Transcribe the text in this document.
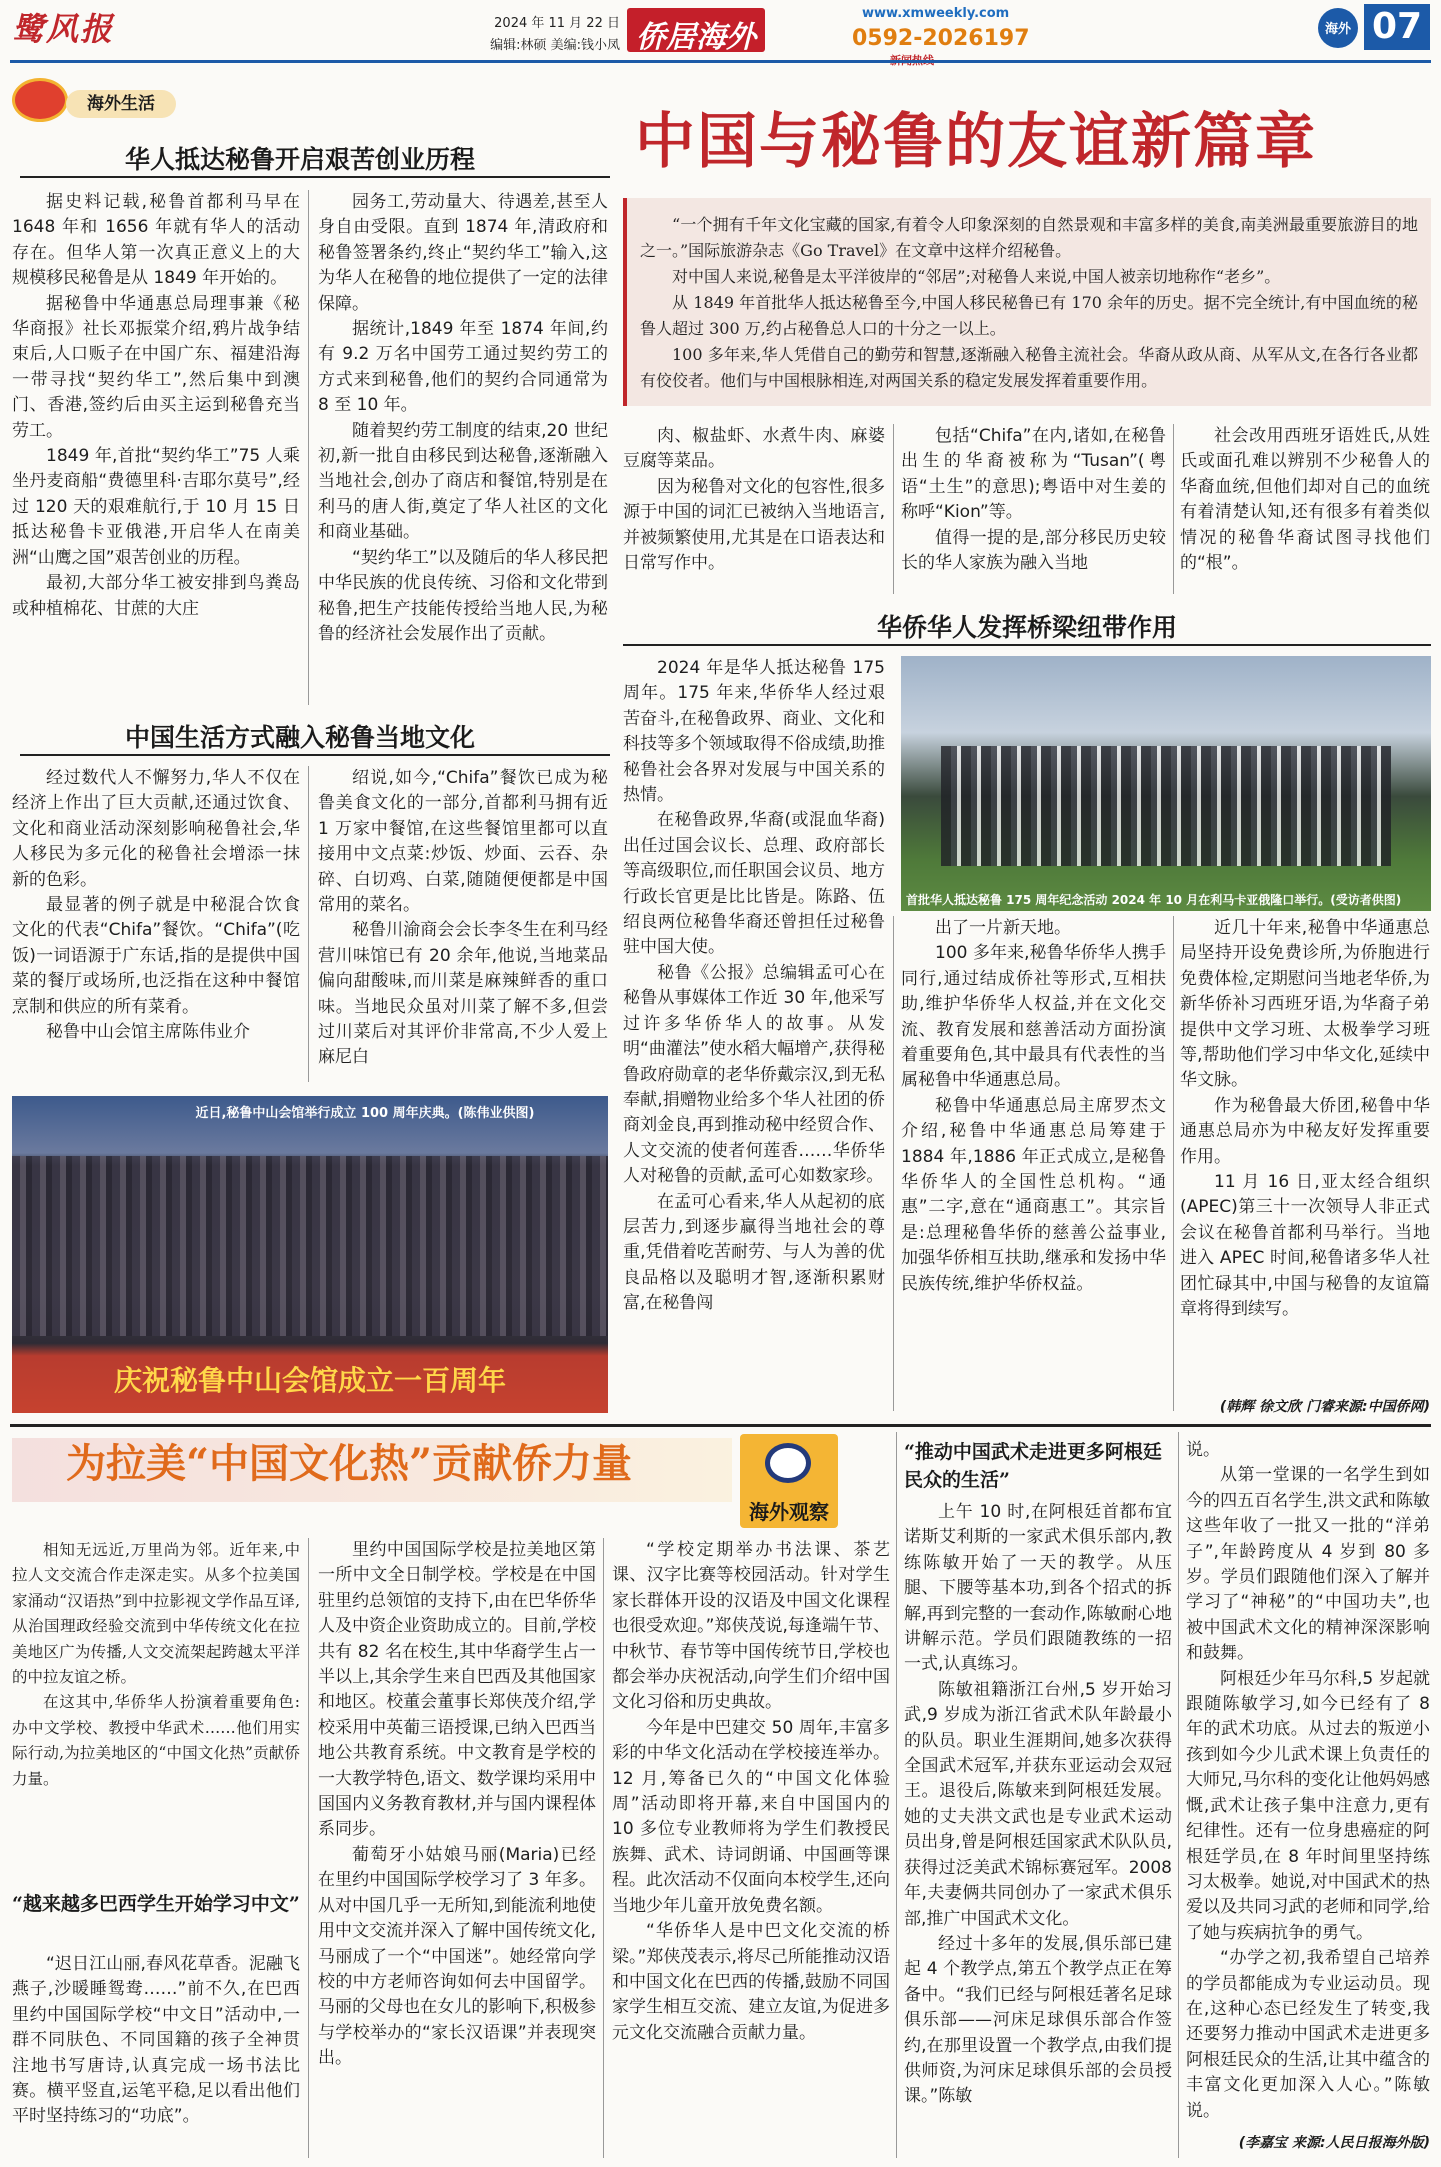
鹭风报	2024 年 11 月 22 日
编辑:林硕 美编:钱小凤 侨居海外
www.xmweekly.com
0592-2026197	海外 07
海外生活
中国与秘鲁的友谊新篇章

“一个拥有千年文化宝藏的国家,有着令人印象深刻的自然景观和丰富多样的美食,南美洲最重要旅游目的地之一。”国际旅游杂志《Go Travel》在文章中这样介绍秘鲁。

对中国人来说,秘鲁是太平洋彼岸的“邻居”;对秘鲁人来说,中国人被亲切地称作“老乡”。

从 1849 年首批华人抵达秘鲁至今,中国人移民秘鲁已有 170 余年的历史。据不完全统计,有中国血统的秘鲁人超过 300 万,约占秘鲁总人口的十分之一以上。

100 多年来,华人凭借自己的勤劳和智慧,逐渐融入秘鲁主流社会。华裔从政从商、从军从文,在各行各业都有佼佼者。他们与中国根脉相连,对两国关系的稳定发展发挥着重要作用。

华人抵达秘鲁开启艰苦创业历程

据史料记载,秘鲁首都利马早在 1648 年和 1656 年就有华人的活动存在。但华人第一次真正意义上的大规模移民秘鲁是从 1849 年开始的。

据秘鲁中华通惠总局理事兼《秘华商报》社长邓振棠介绍,鸦片战争结束后,人口贩子在中国广东、福建沿海一带寻找“契约华工”,然后集中到澳门、香港,签约后由买主运到秘鲁充当劳工。

1849 年,首批“契约华工”75 人乘坐丹麦商船“费德里科·吉耶尔莫号”,经过 120 天的艰难航行,于 10 月 15 日抵达秘鲁卡亚俄港,开启华人在南美洲“山鹰之国”艰苦创业的历程。

最初,大部分华工被安排到鸟粪岛或种植棉花、甘蔗的大庄

园务工,劳动量大、待遇差,甚至人身自由受限。直到 1874 年,清政府和秘鲁签署条约,终止“契约华工”输入,这为华人在秘鲁的地位提供了一定的法律保障。

据统计,1849 年至 1874 年间,约有 9.2 万名中国劳工通过契约劳工的方式来到秘鲁,他们的契约合同通常为 8 至 10 年。

随着契约劳工制度的结束,20 世纪初,新一批自由移民到达秘鲁,逐渐融入当地社会,创办了商店和餐馆,特别是在利马的唐人街,奠定了华人社区的文化和商业基础。

“契约华工”以及随后的华人移民把中华民族的优良传统、习俗和文化带到秘鲁,把生产技能传授给当地人民,为秘鲁的经济社会发展作出了贡献。

中国生活方式融入秘鲁当地文化

经过数代人不懈努力,华人不仅在经济上作出了巨大贡献,还通过饮食、文化和商业活动深刻影响秘鲁社会,华人移民为多元化的秘鲁社会增添一抹新的色彩。

最显著的例子就是中秘混合饮食文化的代表“Chifa”餐饮。“Chifa”(吃饭)一词语源于广东话,指的是提供中国菜的餐厅或场所,也泛指在这种中餐馆烹制和供应的所有菜肴。

秘鲁中山会馆主席陈伟业介

绍说,如今,“Chifa”餐饮已成为秘鲁美食文化的一部分,首都利马拥有近 1 万家中餐馆,在这些餐馆里都可以直接用中文点菜:炒饭、炒面、云吞、杂碎、白切鸡、白菜,随随便便都是中国常用的菜名。

秘鲁川渝商会会长李冬生在利马经营川味馆已有 20 余年,他说,当地菜品偏向甜酸味,而川菜是麻辣鲜香的重口味。当地民众虽对川菜了解不多,但尝过川菜后对其评价非常高,不少人爱上麻尼白

肉、椒盐虾、水煮牛肉、麻婆豆腐等菜品。

因为秘鲁对文化的包容性,很多源于中国的词汇已被纳入当地语言,并被频繁使用,尤其是在口语表达和日常写作中。

包括“Chifa”在内,诸如,在秘鲁出生的华裔被称为“Tusan”(粤语“土生”的意思);粤语中对生姜的称呼“Kion”等。

值得一提的是,部分移民历史较长的华人家族为融入当地

社会改用西班牙语姓氏,从姓氏或面孔难以辨别不少秘鲁人的华裔血统,但他们却对自己的血统有着清楚认知,还有很多有着类似情况的秘鲁华裔试图寻找他们的“根”。

庆祝秘鲁中山会馆成立一百周年
近日,秘鲁中山会馆举行成立 100 周年庆典。(陈伟业供图)
华侨华人发挥桥梁纽带作用

2024 年是华人抵达秘鲁 175 周年。175 年来,华侨华人经过艰苦奋斗,在秘鲁政界、商业、文化和科技等多个领域取得不俗成绩,助推秘鲁社会各界对发展与中国关系的热情。

在秘鲁政界,华裔(或混血华裔)出任过国会议长、总理、政府部长等高级职位,而任职国会议员、地方行政长官更是比比皆是。陈路、伍绍良两位秘鲁华裔还曾担任过秘鲁驻中国大使。

秘鲁《公报》总编辑孟可心在秘鲁从事媒体工作近 30 年,他采写过许多华侨华人的故事。从发明“曲灌法”使水稻大幅增产,获得秘鲁政府勋章的老华侨戴宗汉,到无私奉献,捐赠物业给多个华人社团的侨商刘金良,再到推动秘中经贸合作、人文交流的使者何莲香……华侨华人对秘鲁的贡献,孟可心如数家珍。

在孟可心看来,华人从起初的底层苦力,到逐步赢得当地社会的尊重,凭借着吃苦耐劳、与人为善的优良品格以及聪明才智,逐渐积累财富,在秘鲁闯

首批华人抵达秘鲁 175 周年纪念活动 2024 年 10 月在利马卡亚俄隆口举行。(受访者供图)

出了一片新天地。

100 多年来,秘鲁华侨华人携手同行,通过结成侨社等形式,互相扶助,维护华侨华人权益,并在文化交流、教育发展和慈善活动方面扮演着重要角色,其中最具有代表性的当属秘鲁中华通惠总局。

秘鲁中华通惠总局主席罗杰文介绍,秘鲁中华通惠总局筹建于 1884 年,1886 年正式成立,是秘鲁华侨华人的全国性总机构。“通惠”二字,意在“通商惠工”。其宗旨是:总理秘鲁华侨的慈善公益事业,加强华侨相互扶助,继承和发扬中华民族传统,维护华侨权益。

近几十年来,秘鲁中华通惠总局坚持开设免费诊所,为侨胞进行免费体检,定期慰问当地老华侨,为新华侨补习西班牙语,为华裔子弟提供中文学习班、太极拳学习班等,帮助他们学习中华文化,延续中华文脉。

作为秘鲁最大侨团,秘鲁中华通惠总局亦为中秘友好发挥重要作用。

11 月 16 日,亚太经合组织(APEC)第三十一次领导人非正式会议在秘鲁首都利马举行。当地进入 APEC 时间,秘鲁诸多华人社团忙碌其中,中国与秘鲁的友谊篇章将得到续写。

(韩辉 徐文欣 门睿来源:中国侨网)
为拉美“中国文化热”贡献侨力量
海外观察

相知无远近,万里尚为邻。近年来,中拉人文交流合作走深走实。从多个拉美国家涌动“汉语热”到中拉影视文学作品互译,从治国理政经验交流到中华传统文化在拉美地区广为传播,人文交流架起跨越太平洋的中拉友谊之桥。

在这其中,华侨华人扮演着重要角色:办中文学校、教授中华武术……他们用实际行动,为拉美地区的“中国文化热”贡献侨力量。

“越来越多巴西学生开始学习中文”

“迟日江山丽,春风花草香。泥融飞燕子,沙暖睡鸳鸯……”前不久,在巴西里约中国国际学校“中文日”活动中,一群不同肤色、不同国籍的孩子全神贯注地书写唐诗,认真完成一场书法比赛。横平竖直,运笔平稳,足以看出他们平时坚持练习的“功底”。

里约中国国际学校是拉美地区第一所中文全日制学校。学校是在中国驻里约总领馆的支持下,由在巴华侨华人及中资企业资助成立的。目前,学校共有 82 名在校生,其中华裔学生占一半以上,其余学生来自巴西及其他国家和地区。校董会董事长郑侠茂介绍,学校采用中英葡三语授课,已纳入巴西当地公共教育系统。中文教育是学校的一大教学特色,语文、数学课均采用中国国内义务教育教材,并与国内课程体系同步。

葡萄牙小姑娘马丽(Maria)已经在里约中国国际学校学习了 3 年多。从对中国几乎一无所知,到能流利地使用中文交流并深入了解中国传统文化,马丽成了一个“中国迷”。她经常向学校的中方老师咨询如何去中国留学。马丽的父母也在女儿的影响下,积极参与学校举办的“家长汉语课”并表现突出。

“学校定期举办书法课、茶艺课、汉字比赛等校园活动。针对学生家长群体开设的汉语及中国文化课程也很受欢迎。”郑侠茂说,每逢端午节、中秋节、春节等中国传统节日,学校也都会举办庆祝活动,向学生们介绍中国文化习俗和历史典故。

今年是中巴建交 50 周年,丰富多彩的中华文化活动在学校接连举办。12 月,筹备已久的“中国文化体验周”活动即将开幕,来自中国国内的 10 多位专业教师将为学生们教授民族舞、武术、诗词朗诵、中国画等课程。此次活动不仅面向本校学生,还向当地少年儿童开放免费名额。

“华侨华人是中巴文化交流的桥梁。”郑侠茂表示,将尽己所能推动汉语和中国文化在巴西的传播,鼓励不同国家学生相互交流、建立友谊,为促进多元文化交流融合贡献力量。

“推动中国武术走进更多阿根廷民众的生活”

上午 10 时,在阿根廷首都布宜诺斯艾利斯的一家武术俱乐部内,教练陈敏开始了一天的教学。从压腿、下腰等基本功,到各个招式的拆解,再到完整的一套动作,陈敏耐心地讲解示范。学员们跟随教练的一招一式,认真练习。

陈敏祖籍浙江台州,5 岁开始习武,9 岁成为浙江省武术队年龄最小的队员。职业生涯期间,她多次获得全国武术冠军,并获东亚运动会双冠王。退役后,陈敏来到阿根廷发展。她的丈夫洪文武也是专业武术运动员出身,曾是阿根廷国家武术队队员,获得过泛美武术锦标赛冠军。2008 年,夫妻俩共同创办了一家武术俱乐部,推广中国武术文化。

经过十多年的发展,俱乐部已建起 4 个教学点,第五个教学点正在筹备中。“我们已经与阿根廷著名足球俱乐部——河床足球俱乐部合作签约,在那里设置一个教学点,由我们提供师资,为河床足球俱乐部的会员授课。”陈敏

说。

从第一堂课的一名学生到如今的四五百名学生,洪文武和陈敏这些年收了一批又一批的“洋弟子”,年龄跨度从 4 岁到 80 多岁。学员们跟随他们深入了解并学习了“神秘”的“中国功夫”,也被中国武术文化的精神深深影响和鼓舞。

阿根廷少年马尔科,5 岁起就跟随陈敏学习,如今已经有了 8 年的武术功底。从过去的叛逆小孩到如今少儿武术课上负责任的大师兄,马尔科的变化让他妈妈感慨,武术让孩子集中注意力,更有纪律性。还有一位身患癌症的阿根廷学员,在 8 年时间里坚持练习太极拳。她说,对中国武术的热爱以及共同习武的老师和同学,给了她与疾病抗争的勇气。

“办学之初,我希望自己培养的学员都能成为专业运动员。现在,这种心态已经发生了转变,我还要努力推动中国武术走进更多阿根廷民众的生活,让其中蕴含的丰富文化更加深入人心。”陈敏说。

(李嘉宝 来源:人民日报海外版)
